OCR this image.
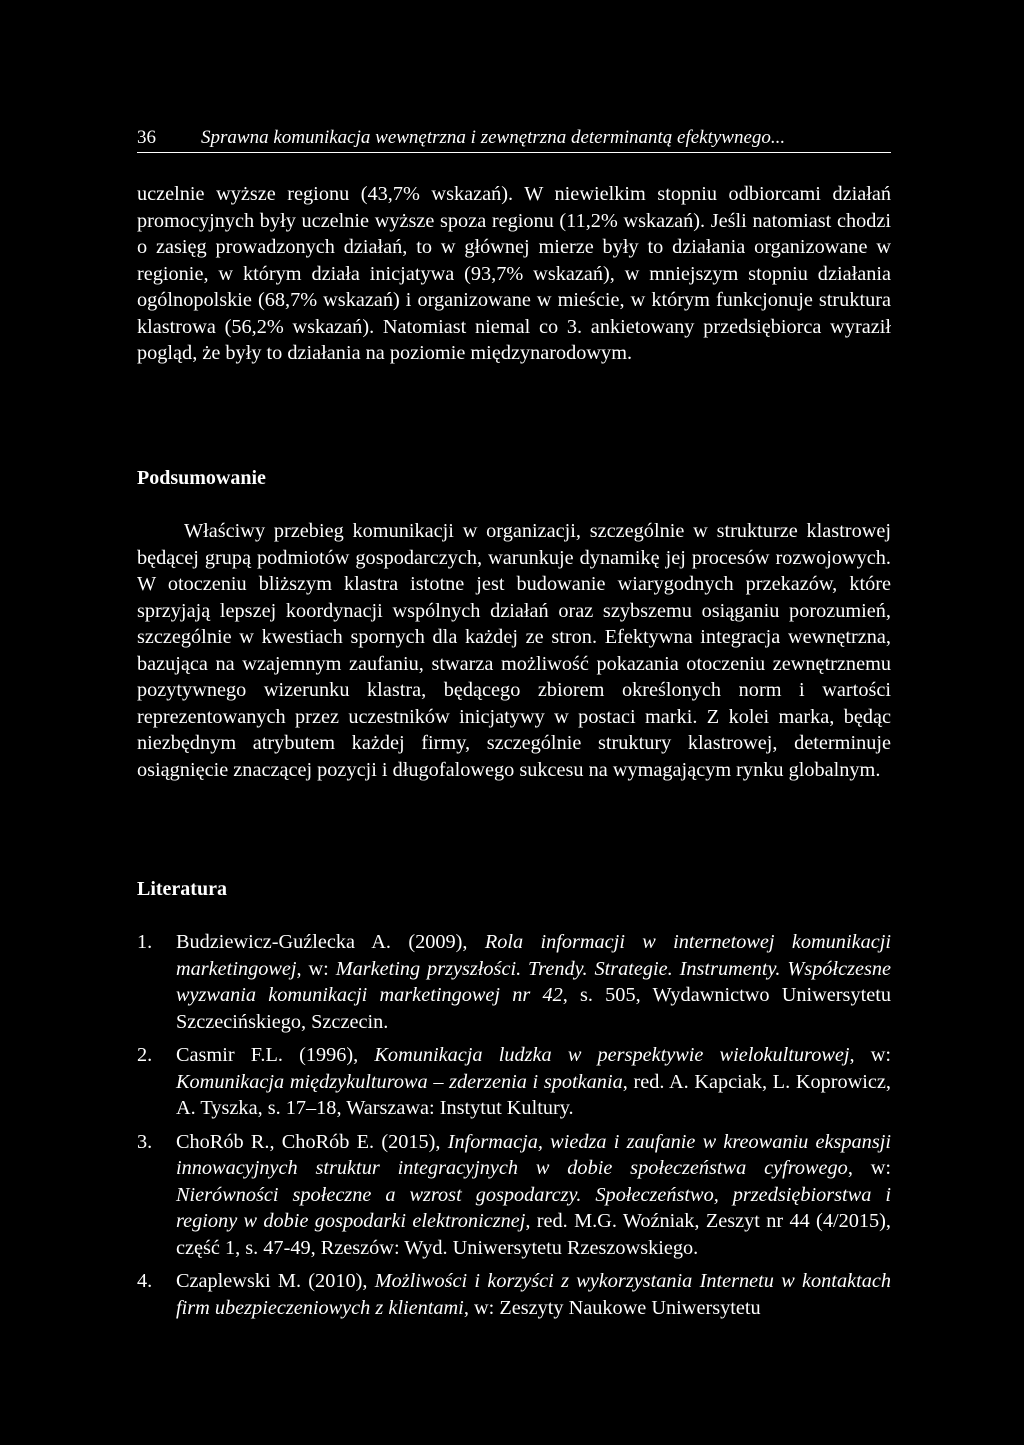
36	Sprawna komunikacja wewnętrzna i zewnętrzna determinantą efektywnego...

uczelnie wyższe regionu (43,7% wskazań). W niewielkim stopniu odbiorcami działań promocyjnych były uczelnie wyższe spoza regionu (11,2% wskazań). Jeśli natomiast chodzi o zasięg prowadzonych działań, to w głównej mierze były to działania organizowane w regionie, w którym działa inicjatywa (93,7% wskazań), w mniejszym stopniu działania ogólnopolskie (68,7% wskazań) i organizowane w mieście, w którym funkcjonuje struktura klastrowa (56,2% wskazań). Natomiast niemal co 3. ankietowany przedsiębiorca wyraził pogląd, że były to działania na poziomie międzynarodowym.

Podsumowanie

Właściwy przebieg komunikacji w organizacji, szczególnie w strukturze klastrowej będącej grupą podmiotów gospodarczych, warunkuje dynamikę jej procesów rozwojowych. W otoczeniu bliższym klastra istotne jest budowanie wiarygodnych przekazów, które sprzyjają lepszej koordynacji wspólnych działań oraz szybszemu osiąganiu porozumień, szczególnie w kwestiach spornych dla każdej ze stron. Efektywna integracja wewnętrzna, bazująca na wzajemnym zaufaniu, stwarza możliwość pokazania otoczeniu zewnętrznemu pozytywnego wizerunku klastra, będącego zbiorem określonych norm i wartości reprezentowanych przez uczestników inicjatywy w postaci marki. Z kolei marka, będąc niezbędnym atrybutem każdej firmy, szczególnie struktury klastrowej, determinuje osiągnięcie znaczącej pozycji i długofalowego sukcesu na wymagającym rynku globalnym.

Literatura
1. Budziewicz-Guźlecka A. (2009), Rola informacji w internetowej komunikacji marketingowej, w: Marketing przyszłości. Trendy. Strategie. Instrumenty. Współczesne wyzwania komunikacji marketingowej nr 42, s. 505, Wydawnictwo Uniwersytetu Szczecińskiego, Szczecin.
2. Casmir F.L. (1996), Komunikacja ludzka w perspektywie wielokulturowej, w: Komunikacja międzykulturowa – zderzenia i spotkania, red. A. Kapciak, L. Koprowicz, A. Tyszka, s. 17–18, Warszawa: Instytut Kultury.
3. ChoRób R., ChoRób E. (2015), Informacja, wiedza i zaufanie w kreowaniu ekspansji innowacyjnych struktur integracyjnych w dobie społeczeństwa cyfrowego, w: Nierówności społeczne a wzrost gospodarczy. Społeczeństwo, przedsiębiorstwa i regiony w dobie gospodarki elektronicznej, red. M.G. Woźniak, Zeszyt nr 44 (4/2015), część 1, s. 47-49, Rzeszów: Wyd. Uniwersytetu Rzeszowskiego.
4. Czaplewski M. (2010), Możliwości i korzyści z wykorzystania Internetu w kontaktach firm ubezpieczeniowych z klientami, w: Zeszyty Naukowe Uniwersytetu
